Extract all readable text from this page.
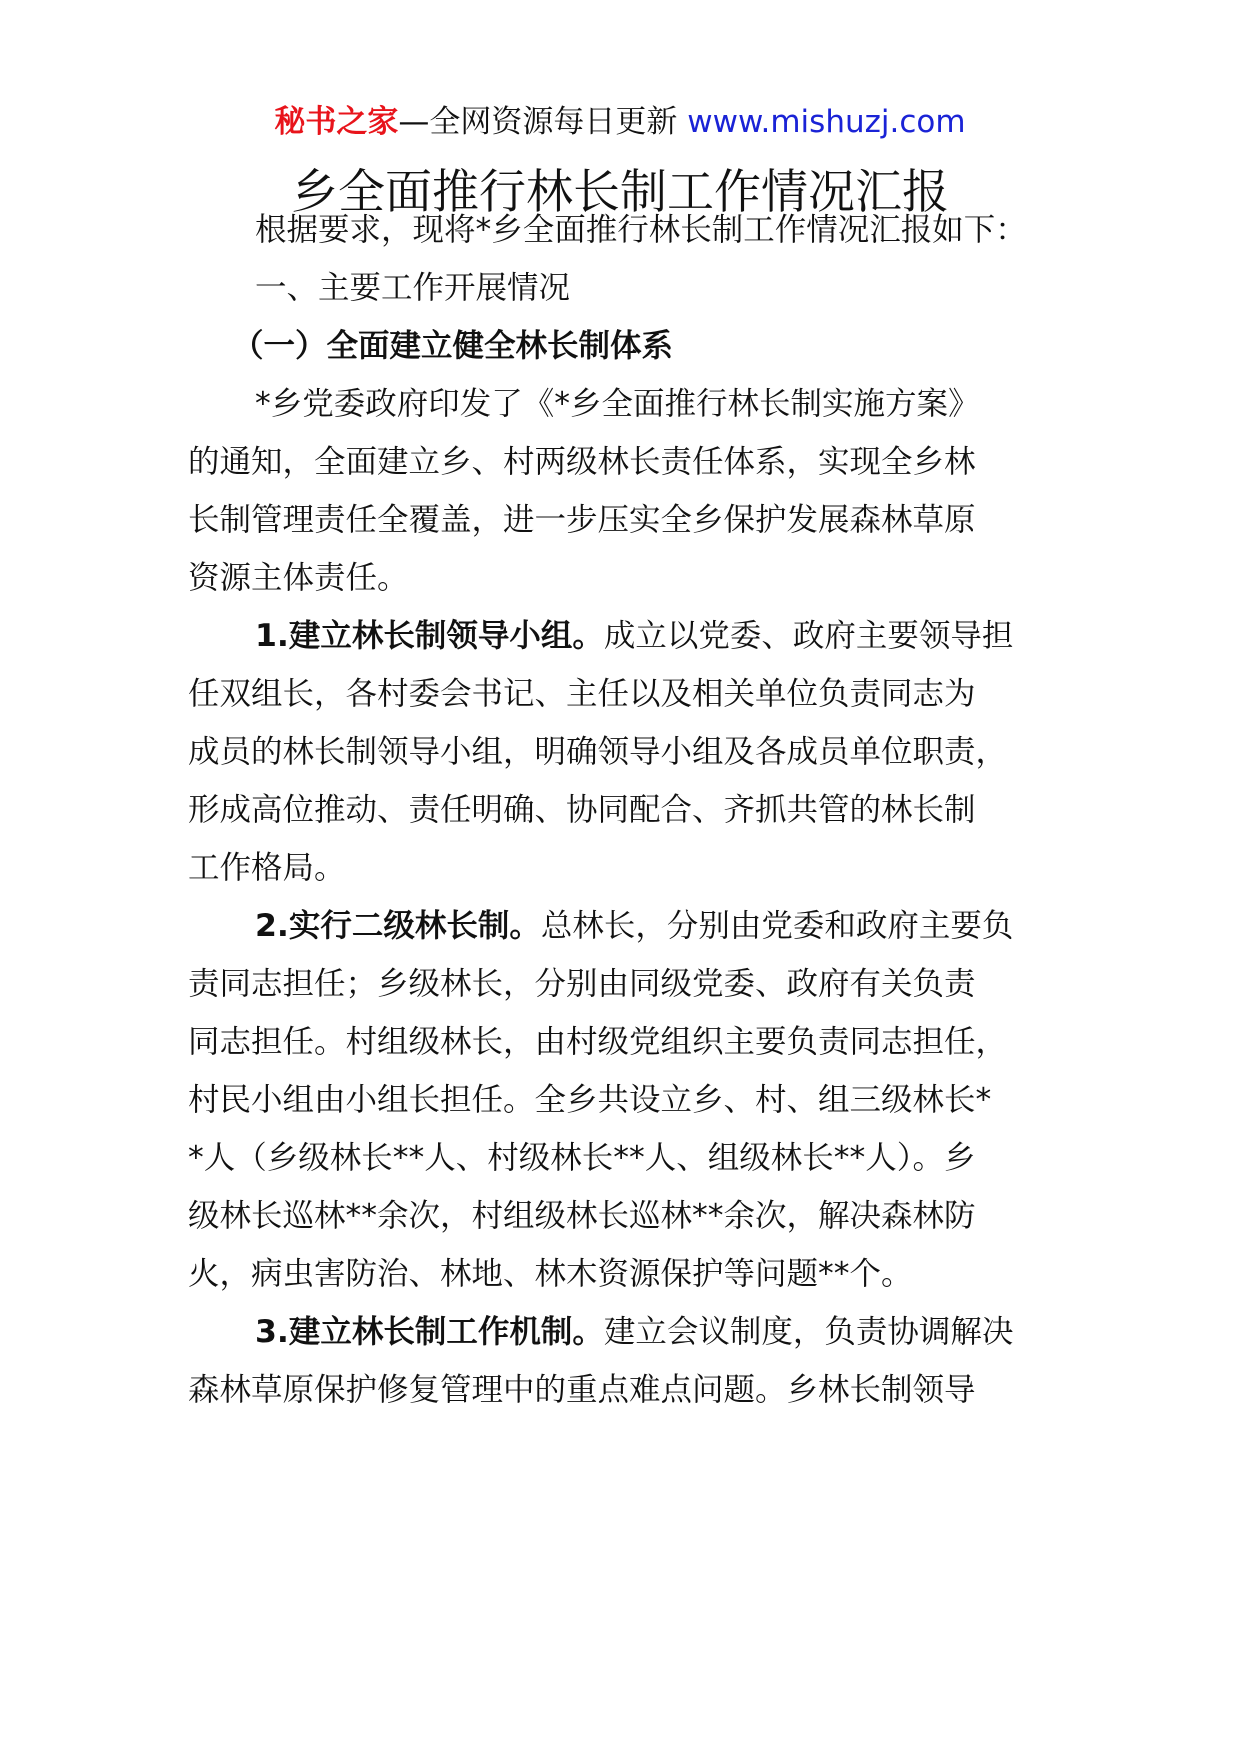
秘书之家—全网资源每日更新 www.mishuzj.com
乡全面推行林长制工作情况汇报
根据要求，现将*乡全面推行林长制工作情况汇报如下：
一、主要工作开展情况
（一）全面建立健全林长制体系
*乡党委政府印发了《*乡全面推行林长制实施方案》
的通知，全面建立乡、村两级林长责任体系，实现全乡林
长制管理责任全覆盖，进一步压实全乡保护发展森林草原
资源主体责任。
1.建立林长制领导小组。成立以党委、政府主要领导担
任双组长，各村委会书记、主任以及相关单位负责同志为
成员的林长制领导小组，明确领导小组及各成员单位职责，
形成高位推动、责任明确、协同配合、齐抓共管的林长制
工作格局。
2.实行二级林长制。总林长，分别由党委和政府主要负
责同志担任；乡级林长，分别由同级党委、政府有关负责
同志担任。村组级林长，由村级党组织主要负责同志担任，
村民小组由小组长担任。全乡共设立乡、村、组三级林长*
*人（乡级林长**人、村级林长**人、组级林长**人）。乡
级林长巡林**余次，村组级林长巡林**余次，解决森林防
火，病虫害防治、林地、林木资源保护等问题**个。
3.建立林长制工作机制。建立会议制度，负责协调解决
森林草原保护修复管理中的重点难点问题。乡林长制领导
